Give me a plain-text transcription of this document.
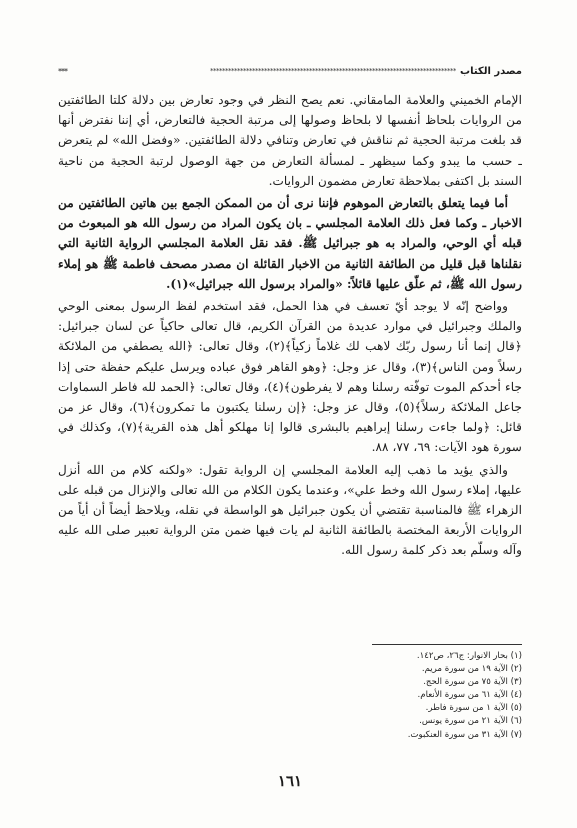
مصدر الكتاب
**********************************************************************************
***

الإمام الخميني والعلامة المامقاني. نعم يصح النظر في وجود تعارض بين دلالة كلتا الطائفتين من الروايات بلحاظ أنفسها لا بلحاظ وصولها إلى مرتبة الحجية فالتعارض، أي إننا نفترض أنها قد بلغت مرتبة الحجية ثم نناقش في تعارض وتنافي دلالة الطائفتين. «وفضل الله» لم يتعرض ـ حسب ما يبدو وكما سيظهر ـ لمسألة التعارض من جهة الوصول لرتبة الحجية من ناحية السند بل اكتفى بملاحظة تعارض مضمون الروايات.

أما فيما يتعلق بالتعارض الموهوم فإننا نرى أن من الممكن الجمع بين هاتين الطائفتين من الاخبار ـ وكما فعل ذلك العلامة المجلسي ـ بان يكون المراد من رسول الله هو المبعوث من قبله أي الوحي، والمراد به هو جبرائيل ﷺ. فقد نقل العلامة المجلسي الرواية الثانية التي نقلناها قبل قليل من الطائفة الثانية من الاخبار القائلة ان مصدر مصحف فاطمة ﷺ هو إملاء رسول الله ﷺ، ثم علّق عليها قائلاً: «والمراد برسول الله جبرائيل»(١).

وواضح إنّه لا يوجد أيّ تعسف في هذا الحمل، فقد استخدم لفظ الرسول بمعنى الوحي والملك وجبرائيل في موارد عديدة من القرآن الكريم، قال تعالى حاكياً عن لسان جبرائيل: ﴿قال إنما أنا رسول ربّك لاهب لك غلاماً زكياً﴾(٢)، وقال تعالى: ﴿الله يصطفي من الملائكة رسلاً ومن الناس﴾(٣)، وقال عز وجل: ﴿وهو القاهر فوق عباده ويرسل عليكم حفظة حتى إذا جاء أحدكم الموت توفّته رسلنا وهم لا يفرطون﴾(٤)، وقال تعالى: ﴿الحمد لله فاطر السماوات جاعل الملائكة رسلاً﴾(٥)، وقال عز وجل: ﴿إن رسلنا يكتبون ما تمكرون﴾(٦)، وقال عز من قائل: ﴿ولما جاءت رسلنا إبراهيم بالبشرى قالوا إنا مهلكو أهل هذه القرية﴾(٧)، وكذلك في سورة هود الآيات: ٦٩، ٧٧، ٨٨.

والذي يؤيد ما ذهب إليه العلامة المجلسي إن الرواية تقول: «ولكنه كلام من الله أنزل عليها، إملاء رسول الله وخط علي»، وعندما يكون الكلام من الله تعالى والإنزال من قبله على الزهراء ﷺ فالمناسبة تقتضي أن يكون جبرائيل هو الواسطة في نقله، ويلاحظ أيضاً أن أياً من الروايات الأربعة المختصة بالطائفة الثانية لم يات فيها ضمن متن الرواية تعبير صلى الله عليه وآله وسلّم بعد ذكر كلمة رسول الله.

(١) بحار الانوار: ج٢٦، ص١٤٢.
(٢) الآية ١٩ من سورة مريم.
(٣) الآية ٧٥ من سورة الحج.
(٤) الآية ٦١ من سورة الأنعام.
(٥) الآية ١ من سورة فاطر.
(٦) الآية ٢١ من سورة يونس.
(٧) الآية ٣١ من سورة العنكبوت.
١٦١
